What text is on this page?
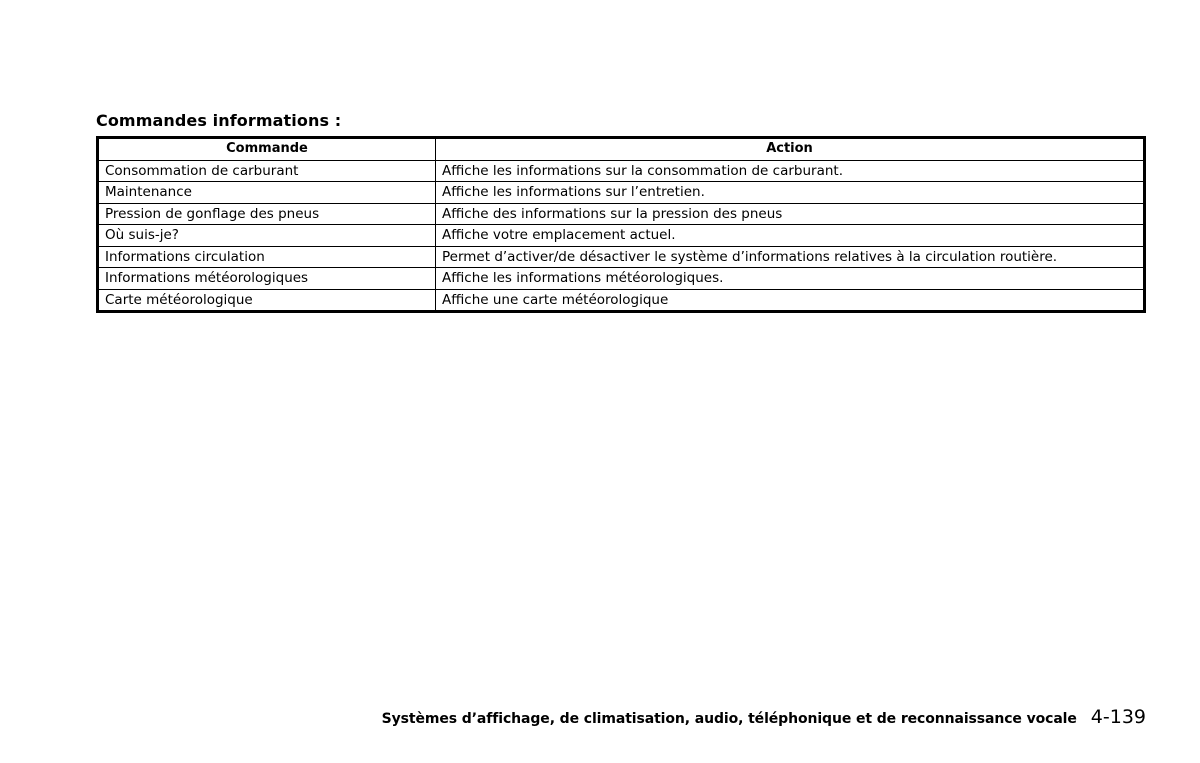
Commandes informations :
Commande	Action
Consommation de carburant	Affiche les informations sur la consommation de carburant.
Maintenance	Affiche les informations sur l’entretien.
Pression de gonflage des pneus	Affiche des informations sur la pression des pneus
Où suis-je?	Affiche votre emplacement actuel.
Informations circulation	Permet d’activer/de désactiver le système d’informations relatives à la circulation routière.
Informations météorologiques	Affiche les informations météorologiques.
Carte météorologique	Affiche une carte météorologique
Systèmes d’affichage, de climatisation, audio, téléphonique et de reconnaissance vocale 4-139
